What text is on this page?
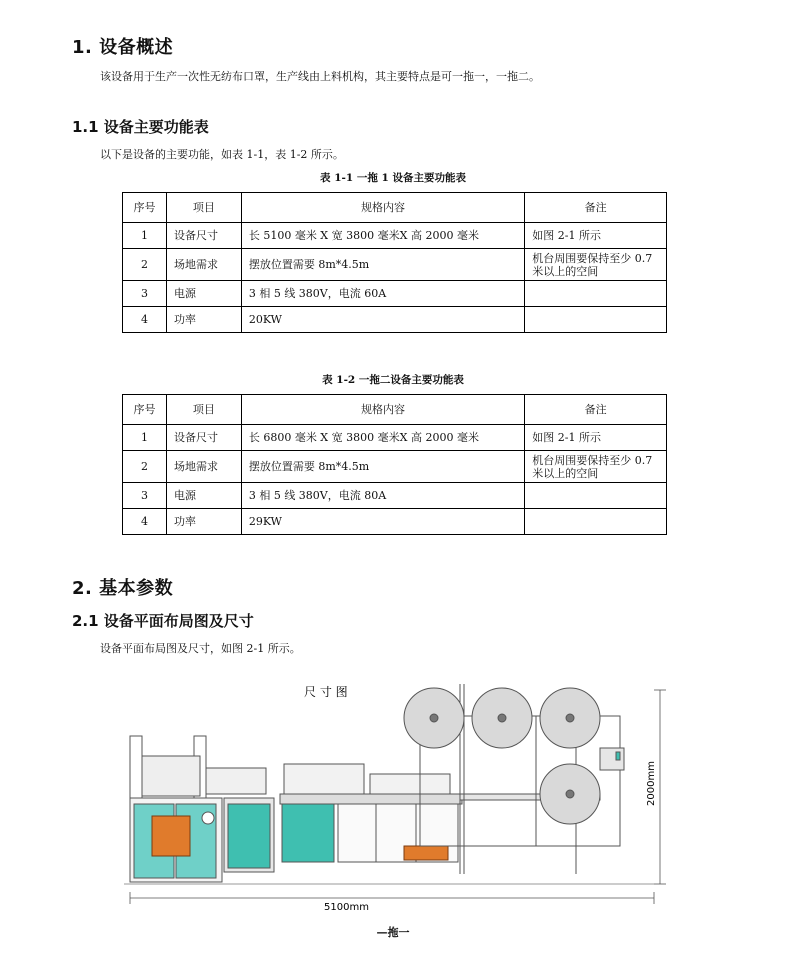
1. 设备概述
该设备用于生产一次性无纺布口罩，生产线由上料机构，其主要特点是可一拖一，一拖二。
1.1 设备主要功能表
以下是设备的主要功能，如表 1-1，表 1-2 所示。
表 1-1 一拖 1 设备主要功能表
序号	项目	规格内容	备注
1	设备尺寸	长 5100 毫米 X 宽 3800 毫米X 高 2000 毫米	如图 2-1 所示
2	场地需求	摆放位置需要 8m*4.5m	机台周围要保持至少 0.7 米以上的空间
3	电源	3 相 5 线 380V，电流 60A	
4	功率	20KW	
表 1-2 一拖二设备主要功能表
序号	项目	规格内容	备注
1	设备尺寸	长 6800 毫米 X 宽 3800 毫米X 高 2000 毫米	如图 2-1 所示
2	场地需求	摆放位置需要 8m*4.5m	机台周围要保持至少 0.7 米以上的空间
3	电源	3 相 5 线 380V，电流 80A	
4	功率	29KW	
2. 基本参数
2.1 设备平面布局图及尺寸
设备平面布局图及尺寸，如图 2-1 所示。
尺 寸 图
5100mm
2000mm
—拖一
